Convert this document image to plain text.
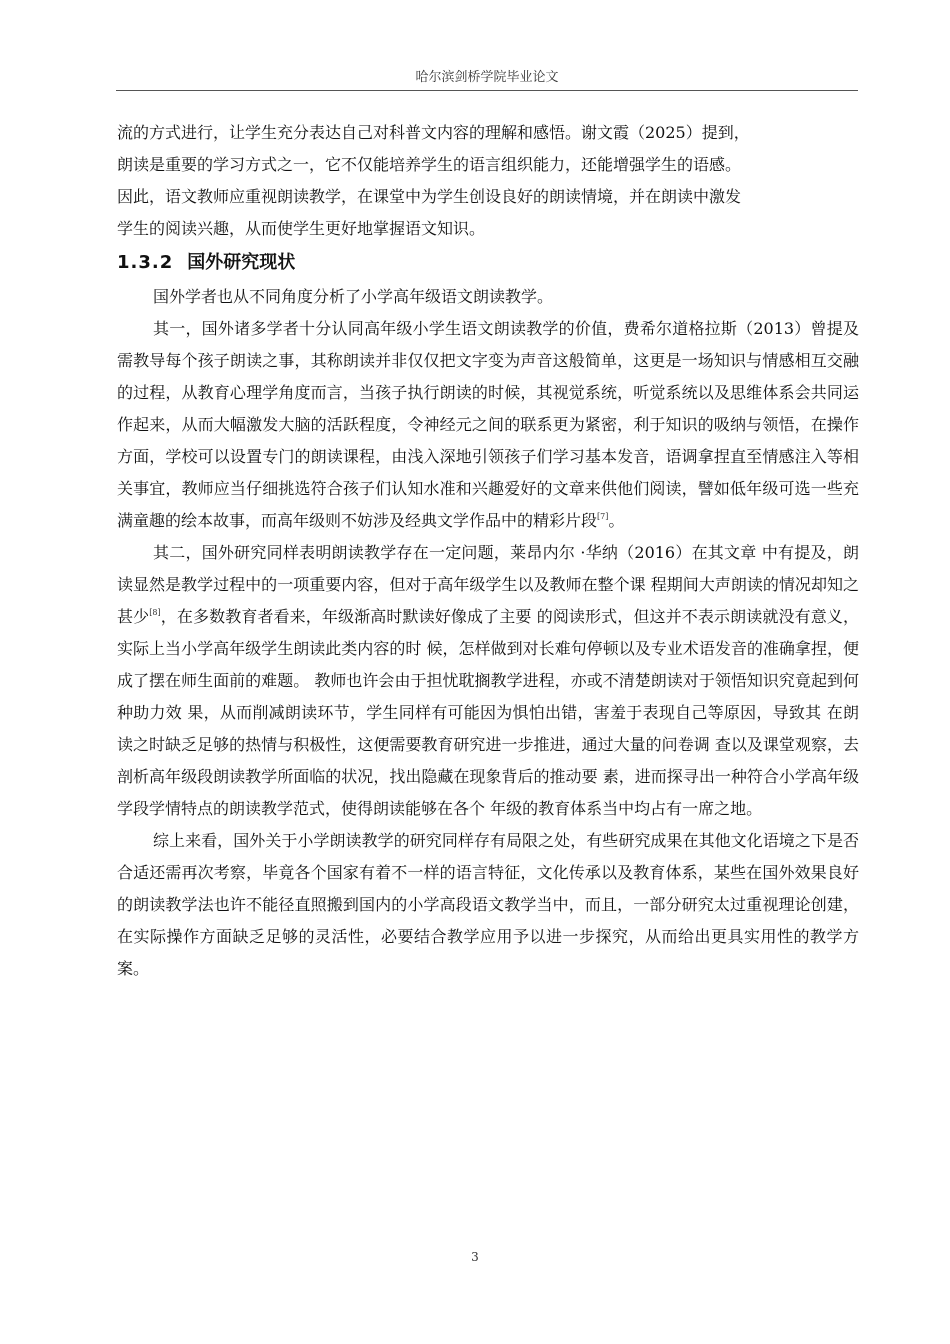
哈尔滨剑桥学院毕业论文

流的方式进行，让学生充分表达自己对科普文内容的理解和感悟。谢文霞（2025）提到，

朗读是重要的学习方式之一，它不仅能培养学生的语言组织能力，还能增强学生的语感。

因此，语文教师应重视朗读教学，在课堂中为学生创设良好的朗读情境，并在朗读中激发

学生的阅读兴趣，从而使学生更好地掌握语文知识。

1.3.2 国外研究现状

国外学者也从不同角度分析了小学高年级语文朗读教学。

其一，国外诸多学者十分认同高年级小学生语文朗读教学的价值，费希尔道格拉斯（2013）曾提及需教导每个孩子朗读之事，其称朗读并非仅仅把文字变为声音这般简单，这更是一场知识与情感相互交融的过程，从教育心理学角度而言，当孩子执行朗读的时候，其视觉系统，听觉系统以及思维体系会共同运作起来，从而大幅激发大脑的活跃程度，令神经元之间的联系更为紧密，利于知识的吸纳与领悟，在操作方面，学校可以设置专门的朗读课程，由浅入深地引领孩子们学习基本发音，语调拿捏直至情感注入等相关事宜，教师应当仔细挑选符合孩子们认知水准和兴趣爱好的文章来供他们阅读，譬如低年级可选一些充满童趣的绘本故事，而高年级则不妨涉及经典文学作品中的精彩片段[7]。

其二，国外研究同样表明朗读教学存在一定问题，莱昂内尔 ·华纳（2016）在其文章 中有提及，朗读显然是教学过程中的一项重要内容，但对于高年级学生以及教师在整个课 程期间大声朗读的情况却知之甚少[8]，在多数教育者看来，年级渐高时默读好像成了主要 的阅读形式，但这并不表示朗读就没有意义，实际上当小学高年级学生朗读此类内容的时 候，怎样做到对长难句停顿以及专业术语发音的准确拿捏，便成了摆在师生面前的难题。 教师也许会由于担忧耽搁教学进程，亦或不清楚朗读对于领悟知识究竟起到何种助力效 果，从而削减朗读环节，学生同样有可能因为惧怕出错，害羞于表现自己等原因，导致其 在朗读之时缺乏足够的热情与积极性，这便需要教育研究进一步推进，通过大量的问卷调 查以及课堂观察，去剖析高年级段朗读教学所面临的状况，找出隐藏在现象背后的推动要 素，进而探寻出一种符合小学高年级学段学情特点的朗读教学范式，使得朗读能够在各个 年级的教育体系当中均占有一席之地。

综上来看，国外关于小学朗读教学的研究同样存有局限之处，有些研究成果在其他文化语境之下是否合适还需再次考察，毕竟各个国家有着不一样的语言特征，文化传承以及教育体系，某些在国外效果良好的朗读教学法也许不能径直照搬到国内的小学高段语文教学当中，而且，一部分研究太过重视理论创建，在实际操作方面缺乏足够的灵活性，必要结合教学应用予以进一步探究，从而给出更具实用性的教学方案。

3
